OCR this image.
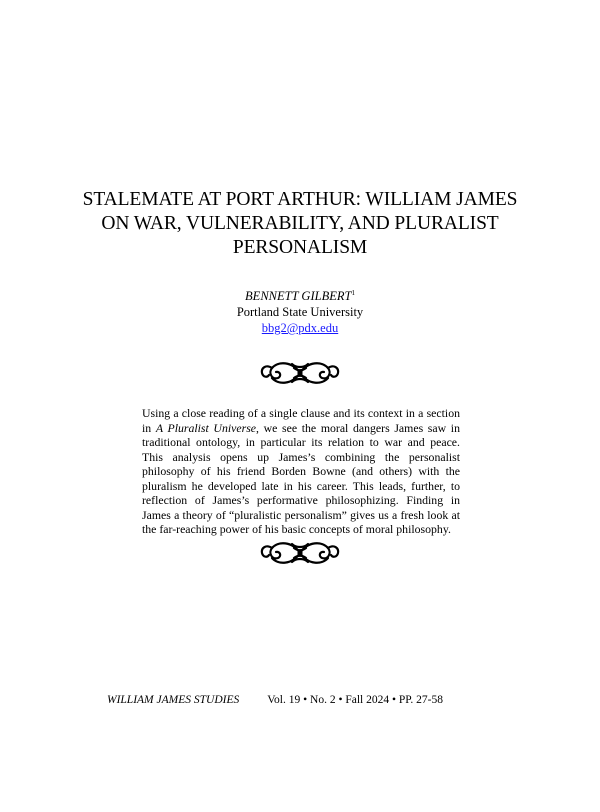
STALEMATE AT PORT ARTHUR: WILLIAM JAMES
ON WAR, VULNERABILITY, AND PLURALIST
PERSONALISM
BENNETT GILBERT$^1$
Portland State University
bbg2@pdx.edu

Using a close reading of a single clause and its context in a section in A Pluralist Universe, we see the moral dangers James saw in traditional ontology, in particular its relation to war and peace. This analysis opens up James’s combining the personalist philosophy of his friend Borden Bowne (and others) with the pluralism he developed late in his career. This leads, further, to reflection of James’s performative philosophizing. Finding in James a theory of “pluralistic personalism” gives us a fresh look at the far-reaching power of his basic concepts of moral philosophy.

WILLIAM JAMES STUDIES Vol. 19 • No. 2 • Fall 2024 • PP. 27-58
